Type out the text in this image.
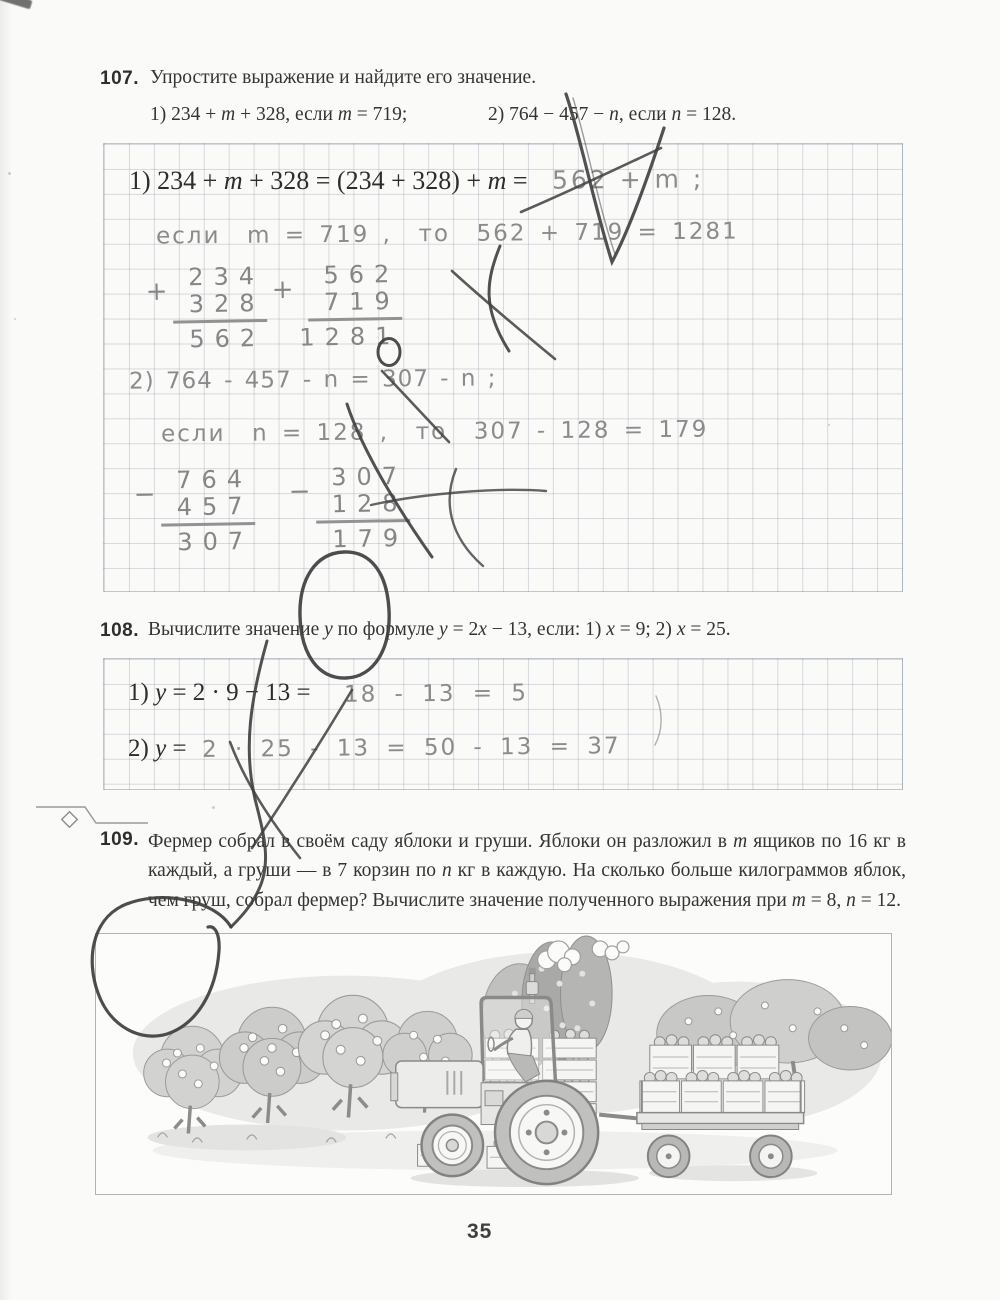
107. Упростите выражение и найдите его значение.
1) 234 + m + 328, если m = 719;	2) 764 − 457 − n, если n = 128.
1) 234 + m + 328 = (234 + 328) + m = 562 + m ;
если  m = 719 ,  то  562 + 719 = 1281
+
234
328
562
+
562
719
1281
2) 764 - 457 - n = 307 - n ;
если  n = 128 ,  то  307 - 128 = 179
−
764
457
307
−
307
128
179
108. Вычислите значение y по формуле y = 2x − 13, если: 1) x = 9; 2) x = 25.
1) y = 2 · 9 − 13 = 18 - 13 = 5
2) y = 2 · 25 - 13 = 50 - 13 = 37
109. Фермер собрал в своём саду яблоки и груши. Яблоки он разложил в m ящиков по 16 кг в каждый, а груши — в 7 корзин по n кг в каждую. На сколько больше килограммов яблок, чем груш, собрал фермер? Вычислите значение полученного выражения при m = 8, n = 12.
35
